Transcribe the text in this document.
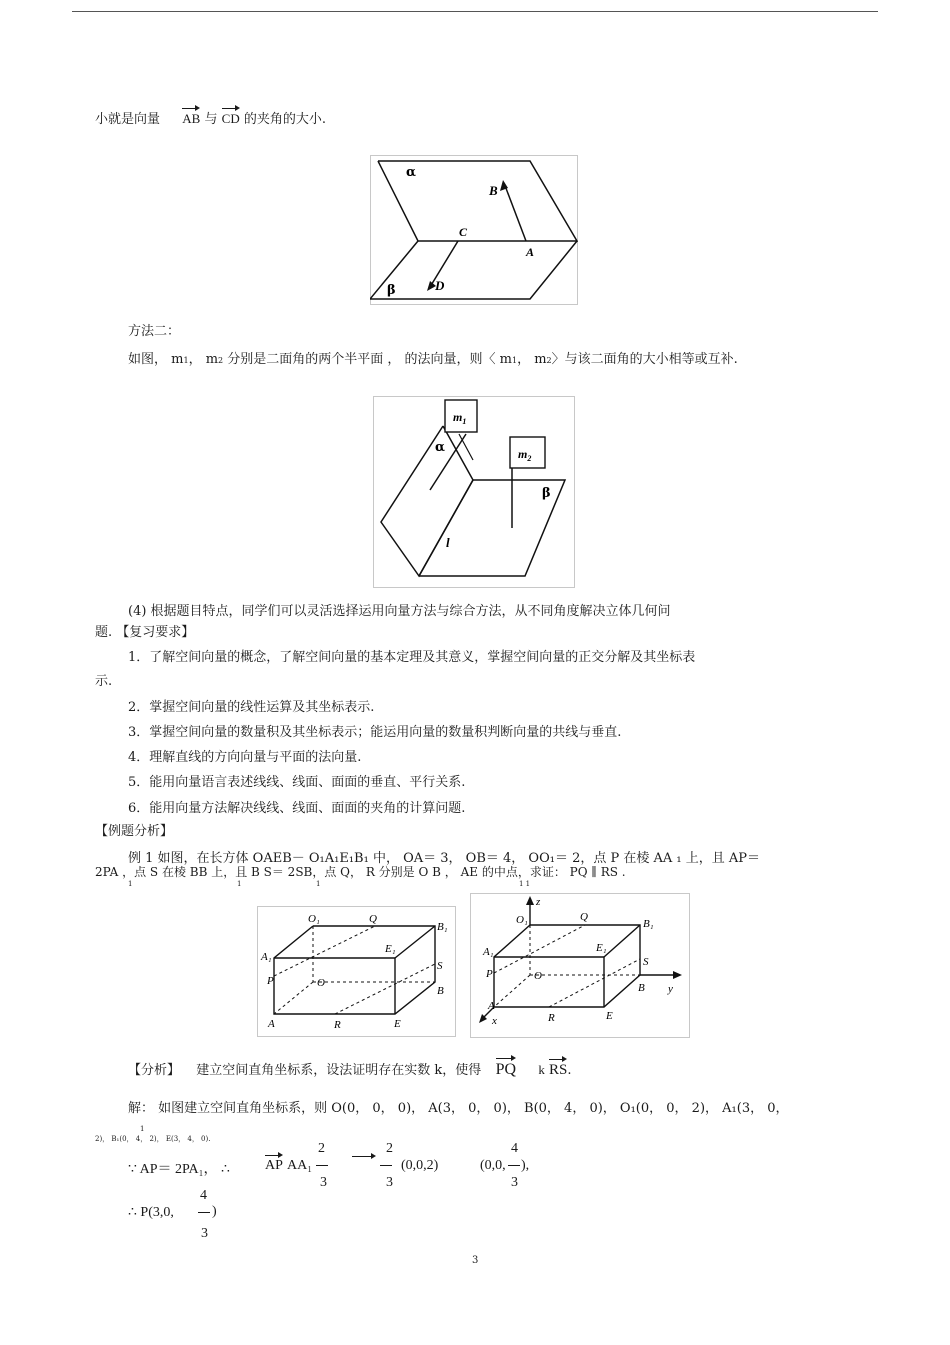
小就是向量 AB 与 CD 的夹角的大小.
α
B
C
A
β	D
方法二：
如图， m1， m2 分别是二面角的两个半平面 ， 的法向量，则〈 m1， m2〉与该二面角的大小相等或互补.
$m_1$
$m_2$
α
β
l
(4) 根据题目特点，同学们可以灵活选择运用向量方法与综合方法，从不同角度解决立体几何问
题. 【复习要求】
1．了解空间向量的概念，了解空间向量的基本定理及其意义，掌握空间向量的正交分解及其坐标表
示.
2．掌握空间向量的线性运算及其坐标表示.
3．掌握空间向量的数量积及其坐标表示；能运用向量的数量积判断向量的共线与垂直.
4．理解直线的方向向量与平面的法向量.
5．能用向量语言表述线线、线面、面面的垂直、平行关系.
6．能用向量方法解决线线、线面、面面的夹角的计算问题.
【例题分析】
例 1 如图，在长方体 OAEB－ O₁A₁E₁B₁ 中， OA＝ 3， OB＝ 4， OO₁＝ 2，点 P 在棱 AA ₁ 上，且 AP＝
2PA ，点 S 在棱 BB 上，且 B S＝ 2SB，点 Q， R 分别是 O B ， AE 的中点，求证： PQ ∥ RS .
1	1	1	1 1
O₁	Q
B₁
A₁
E₁
P	O
S
B
A	R	E
z
O₁	Q
B₁
A₁	E₁
P	O
S
B y
A
x	R	E
【分析】 建立空间直角坐标系，设法证明存在实数 k，使得 PQ k RS.
解： 如图建立空间直角坐标系，则 O(0， 0， 0)， A(3， 0， 0)， B(0， 4， 0)， O₁(0， 0， 2)， A₁(3， 0，
1
2)， B₁(0， 4， 2)， E(3， 4， 0).
∵ AP＝ 2PA₁， ∴	AP AA₁
2
3
2
3
(0,0,2)	(0,0,
4
3
),
∴ P(3,0,
4
3
)
3
